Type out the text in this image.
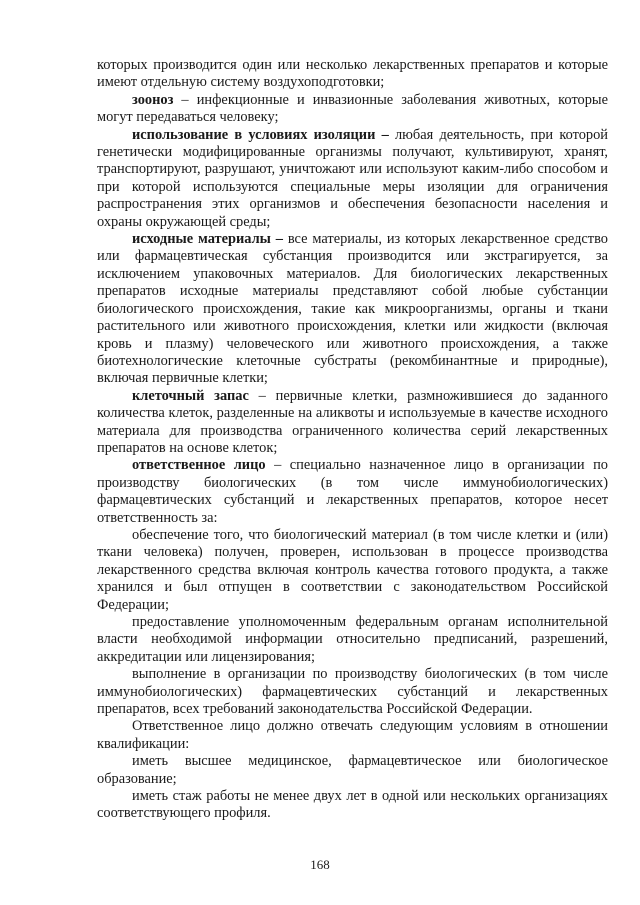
которых производится один или несколько лекарственных препаратов и которые имеют отдельную систему воздухоподготовки;

зооноз – инфекционные и инвазионные заболевания животных, которые могут передаваться человеку;

использование в условиях изоляции – любая деятельность, при которой генетически модифицированные организмы получают, культивируют, хранят, транспортируют, разрушают, уничтожают или используют каким-либо способом и при которой используются специальные меры изоляции для ограничения распространения этих организмов и обеспечения безопасности населения и охраны окружающей среды;

исходные материалы – все материалы, из которых лекарственное средство или фармацевтическая субстанция производится или экстрагируется, за исключением упаковочных материалов. Для биологических лекарственных препаратов исходные материалы представляют собой любые субстанции биологического происхождения, такие как микроорганизмы, органы и ткани растительного или животного происхождения, клетки или жидкости (включая кровь и плазму) человеческого или животного происхождения, а также биотехнологические клеточные субстраты (рекомбинантные и природные), включая первичные клетки;

клеточный запас – первичные клетки, размножившиеся до заданного количества клеток, разделенные на аликвоты и используемые в качестве исходного материала для производства ограниченного количества серий лекарственных препаратов на основе клеток;

ответственное лицо – специально назначенное лицо в организации по производству биологических (в том числе иммунобиологических) фармацевтических субстанций и лекарственных препаратов, которое несет ответственность за:

обеспечение того, что биологический материал (в том числе клетки и (или) ткани человека) получен, проверен, использован в процессе производства лекарственного средства включая контроль качества готового продукта, а также хранился и был отпущен в соответствии с законодательством Российской Федерации;

предоставление уполномоченным федеральным органам исполнительной власти необходимой информации относительно предписаний, разрешений, аккредитации или лицензирования;

выполнение в организации по производству биологических (в том числе иммунобиологических) фармацевтических субстанций и лекарственных препаратов, всех требований законодательства Российской Федерации.

Ответственное лицо должно отвечать следующим условиям в отношении квалификации:

иметь высшее медицинское, фармацевтическое или биологическое образование;

иметь стаж работы не менее двух лет в одной или нескольких организациях соответствующего профиля.

168
